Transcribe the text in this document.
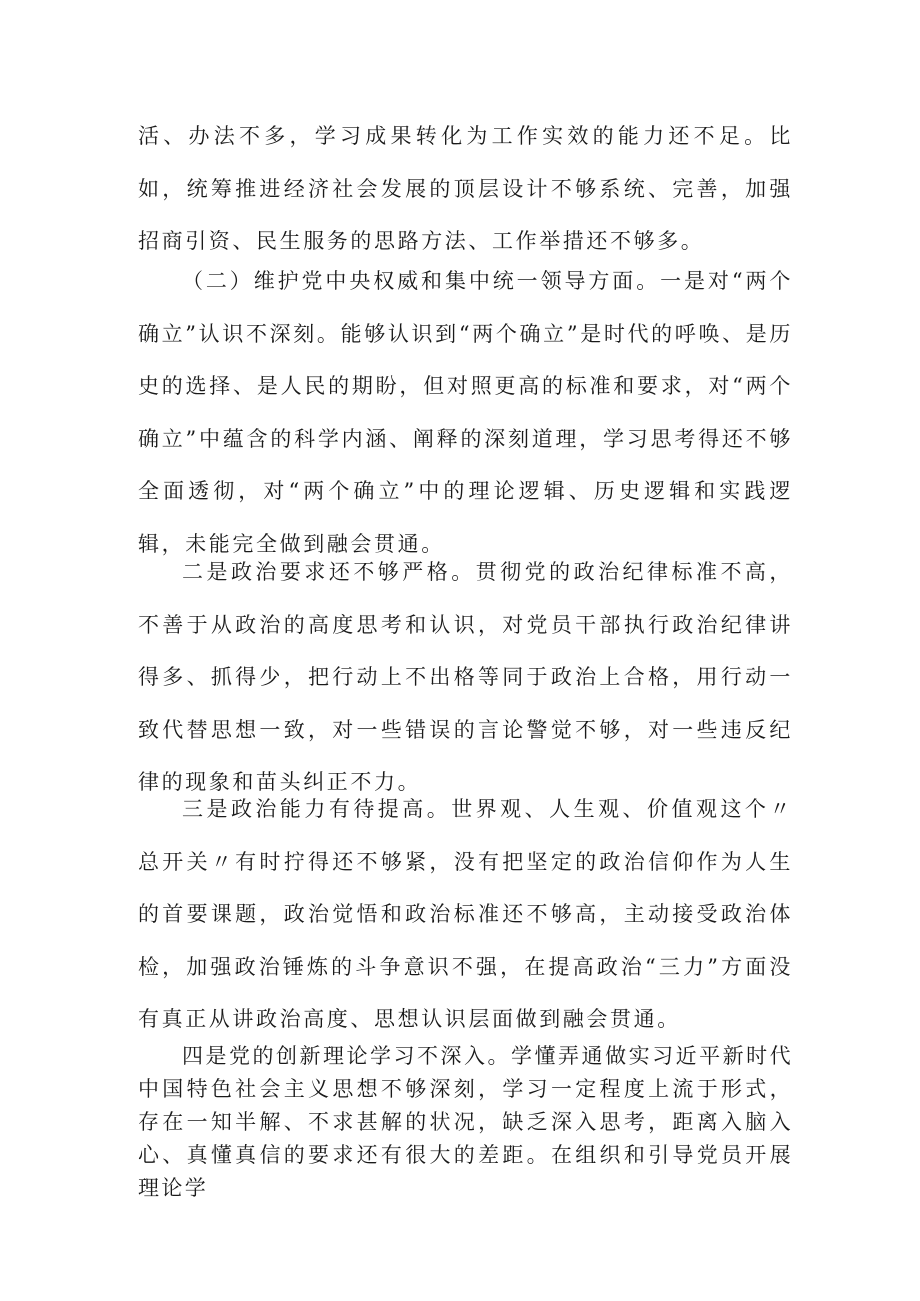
活、办法不多，学习成果转化为工作实效的能力还不足。比如，统筹推进经济社会发展的顶层设计不够系统、完善，加强招商引资、民生服务的思路方法、工作举措还不够多。

（二）维护党中央权威和集中统一领导方面。一是对“两个确立”认识不深刻。能够认识到“两个确立”是时代的呼唤、是历史的选择、是人民的期盼，但对照更高的标准和要求，对“两个确立”中蕴含的科学内涵、阐释的深刻道理，学习思考得还不够全面透彻，对“两个确立”中的理论逻辑、历史逻辑和实践逻辑，未能完全做到融会贯通。

二是政治要求还不够严格。贯彻党的政治纪律标准不高，不善于从政治的高度思考和认识，对党员干部执行政治纪律讲得多、抓得少，把行动上不出格等同于政治上合格，用行动一致代替思想一致，对一些错误的言论警觉不够，对一些违反纪律的现象和苗头纠正不力。

三是政治能力有待提高。世界观、人生观、价值观这个〃总开关〃有时拧得还不够紧，没有把坚定的政治信仰作为人生的首要课题，政治觉悟和政治标准还不够高，主动接受政治体检，加强政治锤炼的斗争意识不强，在提高政治“三力”方面没有真正从讲政治高度、思想认识层面做到融会贯通。

四是党的创新理论学习不深入。学懂弄通做实习近平新时代中国特色社会主义思想不够深刻，学习一定程度上流于形式，存在一知半解、不求甚解的状况，缺乏深入思考，距离入脑入心、真懂真信的要求还有很大的差距。在组织和引导党员开展理论学
